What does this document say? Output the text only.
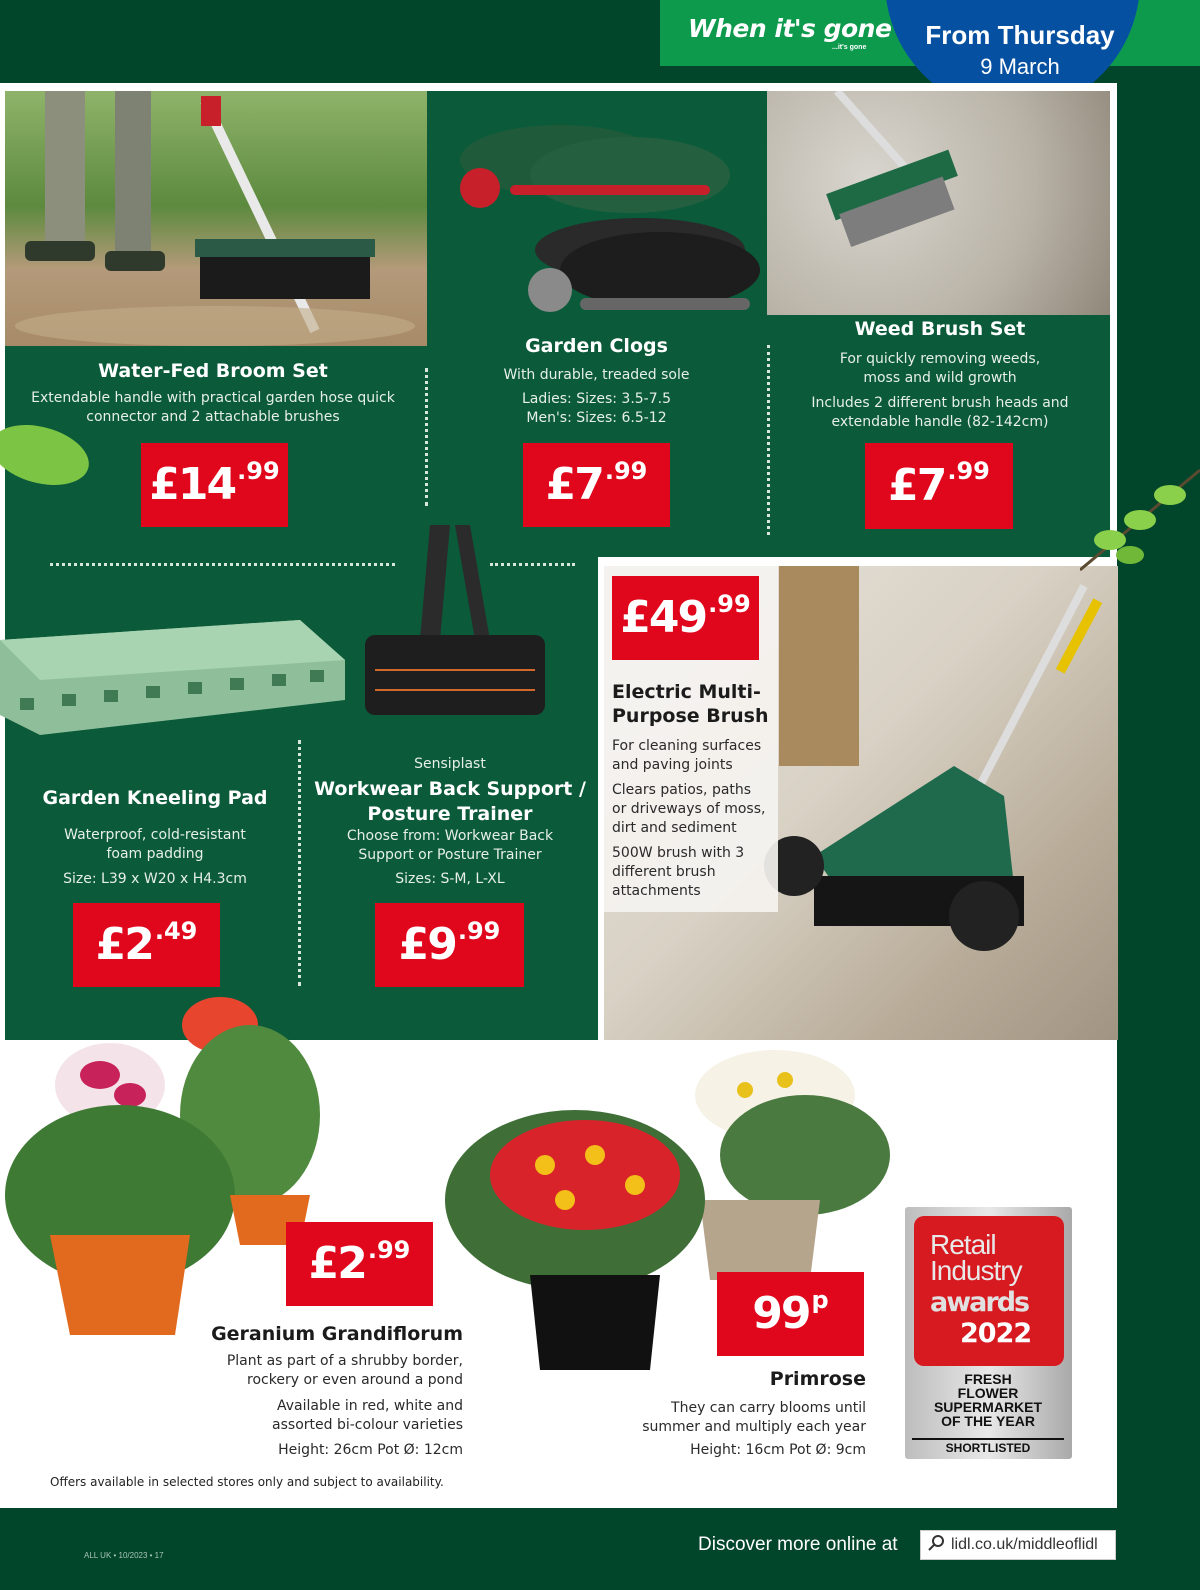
When it's gone
...it's gone From Thursday
9 March
Water-Fed Broom Set
Extendable handle with practical garden hose quick
connector and 2 attachable brushes
£14 .99
Garden Clogs
With durable, treaded sole
Ladies: Sizes: 3.5-7.5
Men's: Sizes: 6.5-12
£7 .99
Weed Brush Set
For quickly removing weeds,
moss and wild growth
Includes 2 different brush heads and
extendable handle (82-142cm)
£7 .99
Garden Kneeling Pad
Waterproof, cold-resistant
foam padding
Size: L39 x W20 x H4.3cm
£2 .49
Sensiplast
Workwear Back Support /
Posture Trainer
Choose from: Workwear Back
Support or Posture Trainer
Sizes: S-M, L-XL
£9 .99
£49 .99
Electric Multi-
Purpose Brush
For cleaning surfaces
and paving joints
Clears patios, paths
or driveways of moss,
dirt and sediment
500W brush with 3
different brush
attachments
£2 .99
Geranium Grandiflorum
Plant as part of a shrubby border,
rockery or even around a pond
Available in red, white and
assorted bi-colour varieties
Height: 26cm Pot Ø: 12cm
99 p
Primrose
They can carry blooms until
summer and multiply each year
Height: 16cm Pot Ø: 9cm
Retail
Industry
awards
2022
FRESH
FLOWER
SUPERMARKET
OF THE YEAR
SHORTLISTED
Offers available in selected stores only and subject to availability.
ALL UK • 10/2023 • 17
Discover more online at	lidl.co.uk/middleoflidl
